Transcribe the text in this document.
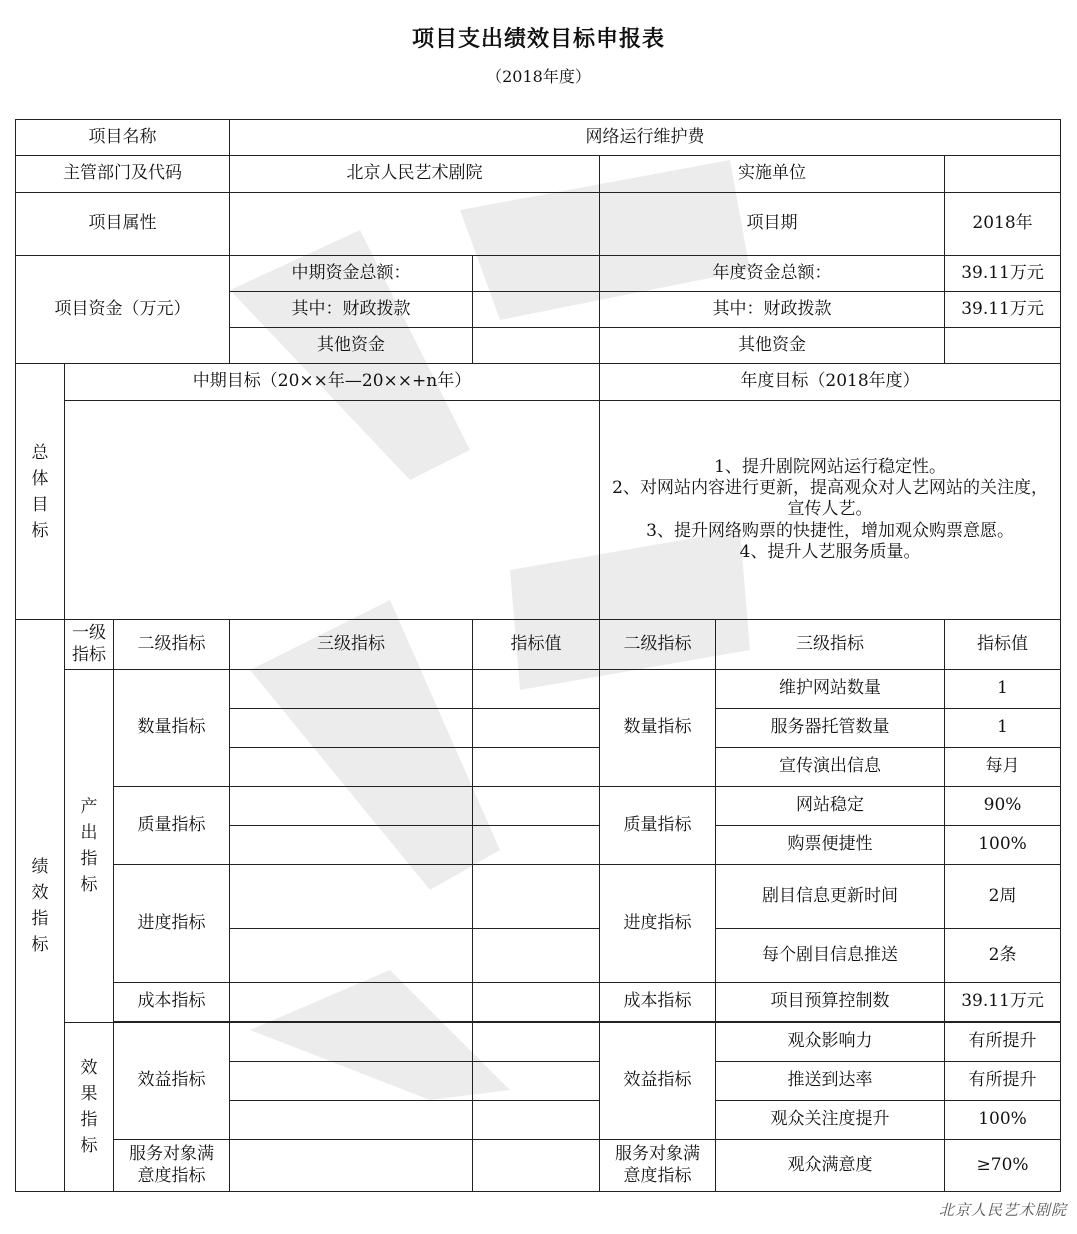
项目支出绩效目标申报表
（2018年度）
项目名称			网络运行维护费				
主管部门及代码			北京人民艺术剧院		实施单位		
项目属性					项目期		2018年
项目资金（万元）			中期资金总额：		年度资金总额：		39.11万元
			其中：财政拨款		其中：财政拨款		39.11万元
			其他资金		其他资金		
总体目标	中期目标（20××年—20××+n年）				年度目标（2018年度）		

					1、提升剧院网站运行稳定性。
2、对网站内容进行更新，提高观众对人艺网站的关注度，宣传人艺。
3、提升网络购票的快捷性，增加观众购票意愿。
4、提升人艺服务质量。		

绩效指标	一级指标	二级指标	三级指标	指标值	二级指标	三级指标	指标值
	产出指标	数量指标			数量指标	维护网站数量	1
						服务器托管数量	1
						宣传演出信息	每月
		质量指标			质量指标	网站稳定	90%
						购票便捷性	100%
		进度指标			进度指标	剧目信息更新时间	2周
						每个剧目信息推送	2条
		成本指标			成本指标	项目预算控制数	39.11万元

	效果指标	效益指标			效益指标	观众影响力	有所提升
						推送到达率	有所提升
						观众关注度提升	100%
		服务对象满意度指标			服务对象满意度指标	观众满意度	≥70%
北京人民艺术剧院
